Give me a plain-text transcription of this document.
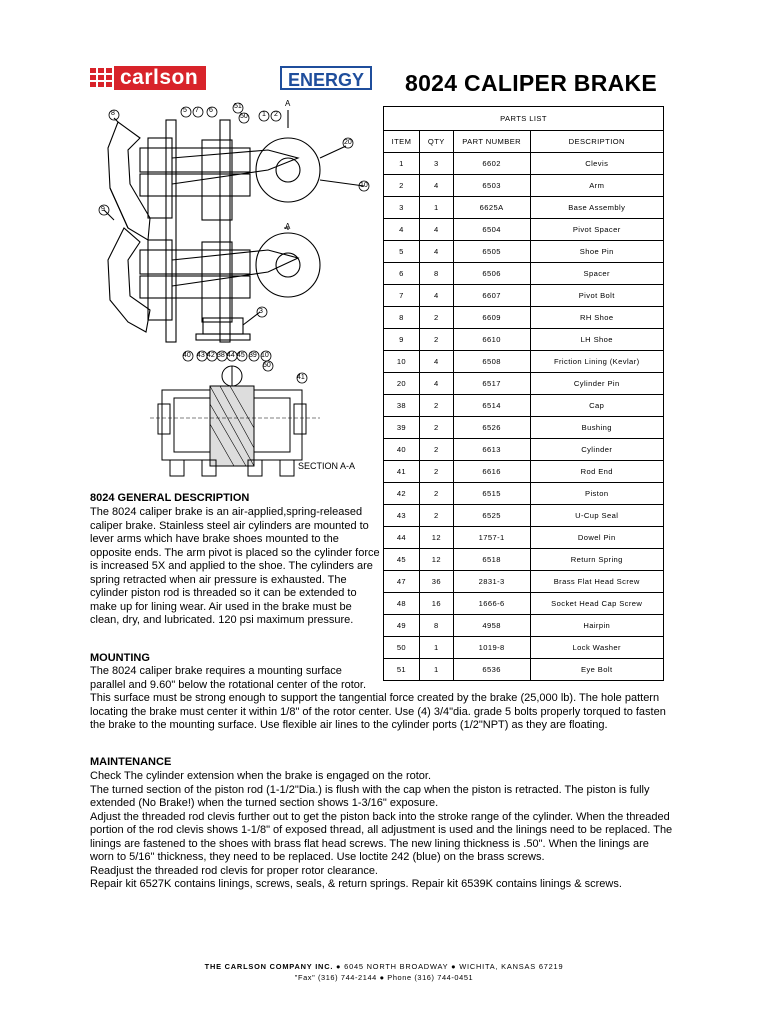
carlson	ENERGY	8024 CALIPER BRAKE
8	5 7 6
51
50 1 2
20
9
3
10
A
A
40 43 42 38 44 45 39 10
50
41
SECTION A-A
PARTS LIST			
ITEM	QTY	PART NUMBER	DESCRIPTION
1	3	6602	Clevis
2	4	6503	Arm
3	1	6625A	Base Assembly
4	4	6504	Pivot Spacer
5	4	6505	Shoe Pin
6	8	6506	Spacer
7	4	6607	Pivot Bolt
8	2	6609	RH Shoe
9	2	6610	LH Shoe
10	4	6508	Friction Lining (Kevlar)
20	4	6517	Cylinder Pin
38	2	6514	Cap
39	2	6526	Bushing
40	2	6613	Cylinder
41	2	6616	Rod End
42	2	6515	Piston
43	2	6525	U-Cup Seal
44	12	1757-1	Dowel Pin
45	12	6518	Return Spring
47	36	2831-3	Brass Flat Head Screw
48	16	1666-6	Socket Head Cap Screw
49	8	4958	Hairpin
50	1	1019-8	Lock Washer
51	1	6536	Eye Bolt
8024 GENERAL DESCRIPTION
The 8024 caliper brake is an air-applied,spring-released caliper brake. Stainless steel air cylinders are mounted to lever arms which have brake shoes mounted to the opposite ends. The arm pivot is placed so the cylinder force is increased 5X and applied to the shoe. The cylinders are spring retracted when air pressure is exhausted. The cylinder piston rod is threaded so it can be extended to make up for lining wear. Air used in the brake must be clean, dry, and lubricated. 120 psi maximum pressure.
MOUNTING
The 8024 caliper brake requires a mounting surface
parallel and 9.60" below the rotational center of the rotor.
This surface must be strong enough to support the tangential force created by the brake (25,000 lb). The hole pattern locating the brake must center it within 1/8" of the rotor center. Use (4) 3/4"dia. grade 5 bolts properly torqued to fasten the brake to the mounting surface. Use flexible air lines to the cylinder ports (1/2"NPT) as they are floating.
MAINTENANCE
Check The cylinder extension when the brake is engaged on the rotor.
The turned section of the piston rod (1-1/2"Dia.) is flush with the cap when the piston is retracted. The piston is fully extended (No Brake!) when the turned section shows 1-3/16" exposure.
Adjust the threaded rod clevis further out to get the piston back into the stroke range of the cylinder. When the threaded portion of the rod clevis shows 1-1/8" of exposed thread, all adjustment is used and the linings need to be replaced. The linings are fastened to the shoes with brass flat head screws. The new lining thickness is .50". When the linings are worn to 5/16" thickness, they need to be replaced. Use loctite 242 (blue) on the brass screws.
Readjust the threaded rod clevis for proper rotor clearance.
Repair kit 6527K contains linings, screws, seals, & return springs. Repair kit 6539K contains linings & screws.
THE CARLSON COMPANY INC. ● 6045 NORTH BROADWAY ● WICHITA, KANSAS 67219
"Fax" (316) 744-2144 ● Phone (316) 744-0451
